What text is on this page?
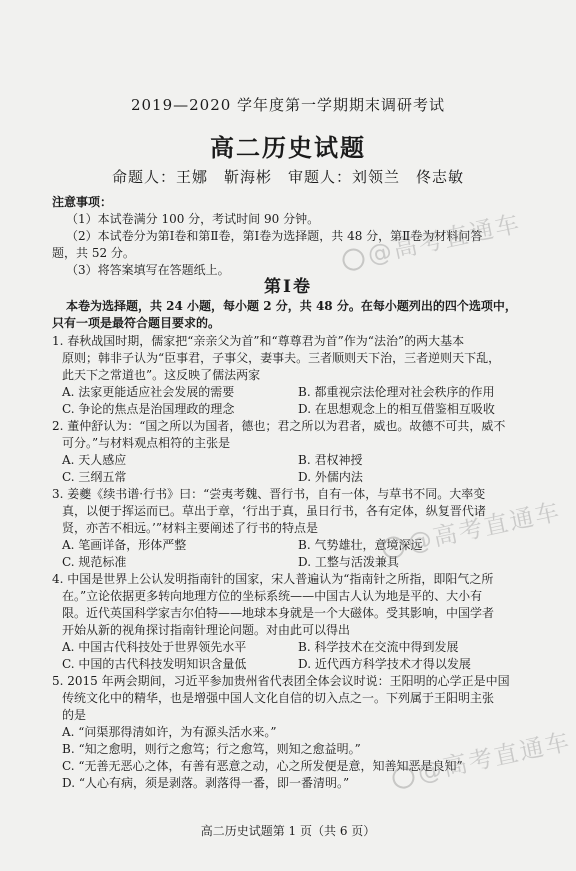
2019—2020 学年度第一学期期末调研考试
高二历史试题
命题人：王娜　靳海彬　审题人：刘领兰　佟志敏
注意事项：
（1）本试卷满分 100 分，考试时间 90 分钟。
（2）本试卷分为第Ⅰ卷和第Ⅱ卷，第Ⅰ卷为选择题，共 48 分，第Ⅱ卷为材料问答
题，共 52 分。
（3）将答案填写在答题纸上。
第Ⅰ卷
本卷为选择题，共 24 小题，每小题 2 分，共 48 分。在每小题列出的四个选项中，
只有一项是最符合题目要求的。
1. 春秋战国时期，儒家把“亲亲父为首”和“尊尊君为首”作为“法治”的两大基本
原则；韩非子认为“臣事君，子事父，妻事夫。三者顺则天下治，三者逆则天下乱，
此天下之常道也”。这反映了儒法两家
A. 法家更能适应社会发展的需要	B. 都重视宗法伦理对社会秩序的作用
C. 争论的焦点是治国理政的理念	D. 在思想观念上的相互借鉴相互吸收
2. 董仲舒认为：“国之所以为国者，德也；君之所以为君者，威也。故德不可共，威不
可分。”与材料观点相符的主张是
A. 天人感应	B. 君权神授
C. 三纲五常	D. 外儒内法
3. 姜夔《续书谱·行书》曰：“尝夷考魏、晋行书，自有一体，与草书不同。大率变
真，以便于挥运而已。草出于章，‘行出于真，虽日行书，各有定体，纵复晋代诸
贤，亦苦不相远。’”材料主要阐述了行书的特点是
A. 笔画详备，形体严整	B. 气势雄壮，意境深远
C. 规范标准	D. 工整与活泼兼具
4. 中国是世界上公认发明指南针的国家，宋人普遍认为“指南针之所指，即阳气之所
在。”立论依据更多转向地理方位的坐标系统——中国古人认为地是平的、大小有
限。近代英国科学家吉尔伯特——地球本身就是一个大磁体。受其影响，中国学者
开始从新的视角探讨指南针理论问题。对由此可以得出
A. 中国古代科技处于世界领先水平	B. 科学技术在交流中得到发展
C. 中国的古代科技发明知识含量低	D. 近代西方科学技术才得以发展
5. 2015 年两会期间，习近平参加贵州省代表团全体会议时说：王阳明的心学正是中国
传统文化中的精华，也是增强中国人文化自信的切入点之一。下列属于王阳明主张
的是
A. “问渠那得清如许，为有源头活水来。”
B. “知之愈明，则行之愈笃；行之愈笃，则知之愈益明。”
C. “无善无恶心之体，有善有恶意之动，心之所发便是意，知善知恶是良知”
D. “人心有病，须是剥落。剥落得一番，即一番清明。”
高二历史试题第 1 页（共 6 页）
@高考直通车
@高考直通车
@高考直通车
